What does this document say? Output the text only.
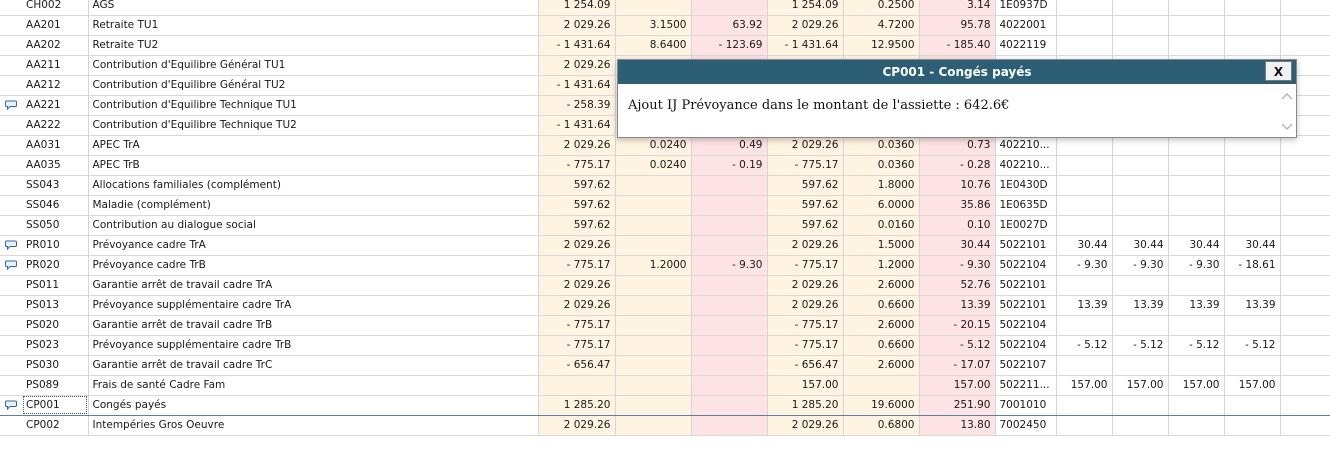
	CH002	AGS	1 254.09			1 254.09	0.2500	3.14	1E0937D					
	AA201	Retraite TU1	2 029.26	3.1500	63.92	2 029.26	4.7200	95.78	4022001					
	AA202	Retraite TU2	- 1 431.64	8.6400	- 123.69	- 1 431.64	12.9500	- 185.40	4022119					
	AA211	Contribution d'Equilibre Général TU1	2 029.26											
	AA212	Contribution d'Equilibre Général TU2	- 1 431.64											
	AA221	Contribution d'Equilibre Technique TU1	- 258.39											
	AA222	Contribution d'Equilibre Technique TU2	- 1 431.64											
	AA031	APEC TrA	2 029.26	0.0240	0.49	2 029.26	0.0360	0.73	402210...					
	AA035	APEC TrB	- 775.17	0.0240	- 0.19	- 775.17	0.0360	- 0.28	402210...					
	SS043	Allocations familiales (complément)	597.62			597.62	1.8000	10.76	1E0430D					
	SS046	Maladie (complément)	597.62			597.62	6.0000	35.86	1E0635D					
	SS050	Contribution au dialogue social	597.62			597.62	0.0160	0.10	1E0027D					
	PR010	Prévoyance cadre TrA	2 029.26			2 029.26	1.5000	30.44	5022101	30.44	30.44	30.44	30.44	
	PR020	Prévoyance cadre TrB	- 775.17	1.2000	- 9.30	- 775.17	1.2000	- 9.30	5022104	- 9.30	- 9.30	- 9.30	- 18.61	
	PS011	Garantie arrêt de travail cadre TrA	2 029.26			2 029.26	2.6000	52.76	5022101					
	PS013	Prévoyance supplémentaire cadre TrA	2 029.26			2 029.26	0.6600	13.39	5022101	13.39	13.39	13.39	13.39	
	PS020	Garantie arrêt de travail cadre TrB	- 775.17			- 775.17	2.6000	- 20.15	5022104					
	PS023	Prévoyance supplémentaire cadre TrB	- 775.17			- 775.17	0.6600	- 5.12	5022104	- 5.12	- 5.12	- 5.12	- 5.12	
	PS030	Garantie arrêt de travail cadre TrC	- 656.47			- 656.47	2.6000	- 17.07	5022107					
	PS089	Frais de santé Cadre Fam				157.00		157.00	502211...	157.00	157.00	157.00	157.00	
	CP001	Congés payés	1 285.20			1 285.20	19.6000	251.90	7001010					
	CP002	Intempéries Gros Oeuvre	2 029.26			2 029.26	0.6800	13.80	7002450					
CP001 - Congés payés	X
Ajout IJ Prévoyance dans le montant de l'assiette : 642.6€
